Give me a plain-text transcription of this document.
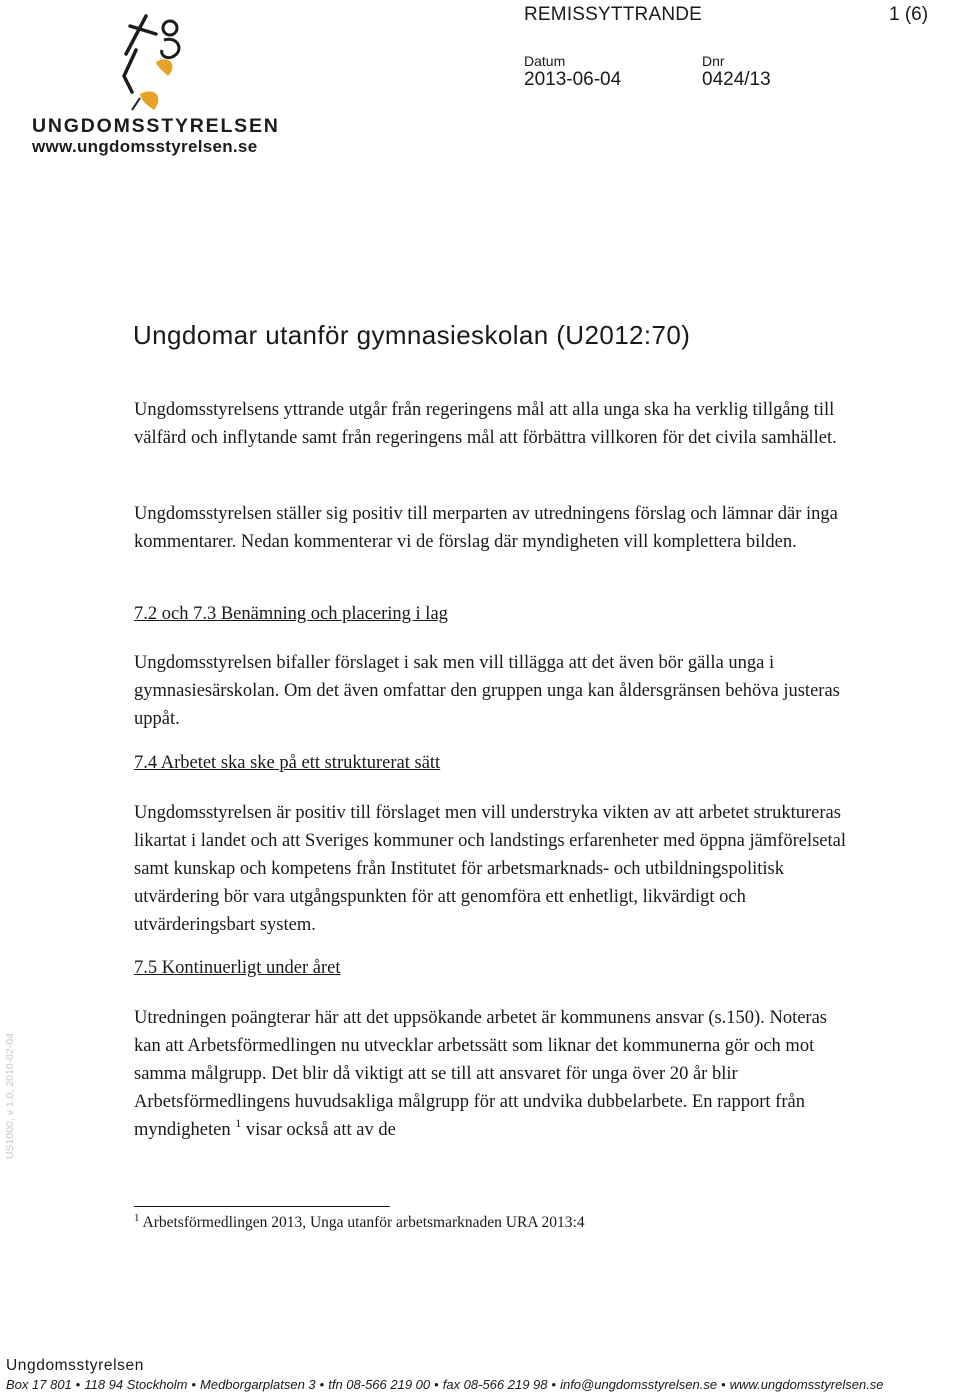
UNGDOMSSTYRELSEN
www.ungdomsstyrelsen.se
REMISSYTTRANDE	1 (6)
Datum
2013-06-04
Dnr
0424/13
Ungdomar utanför gymnasieskolan (U2012:70)

Ungdomsstyrelsens yttrande utgår från regeringens mål att alla unga ska ha verklig tillgång till välfärd och inflytande samt från regeringens mål att förbättra villkoren för det civila samhället.

Ungdomsstyrelsen ställer sig positiv till merparten av utredningens förslag och lämnar där inga kommentarer. Nedan kommenterar vi de förslag där myndigheten vill komplettera bilden.

7.2 och 7.3 Benämning och placering i lag

Ungdomsstyrelsen bifaller förslaget i sak men vill tillägga att det även bör gälla unga i gymnasiesärskolan. Om det även omfattar den gruppen unga kan åldersgränsen behöva justeras uppåt.

7.4 Arbetet ska ske på ett strukturerat sätt

Ungdomsstyrelsen är positiv till förslaget men vill understryka vikten av att arbetet struktureras likartat i landet och att Sveriges kommuner och landstings erfarenheter med öppna jämförelsetal samt kunskap och kompetens från Institutet för arbetsmarknads- och utbildningspolitisk utvärdering bör vara utgångspunkten för att genomföra ett enhetligt, likvärdigt och utvärderingsbart system.

7.5 Kontinuerligt under året

Utredningen poängterar här att det uppsökande arbetet är kommunens ansvar (s.150). Noteras kan att Arbetsförmedlingen nu utvecklar arbetssätt som liknar det kommunerna gör och mot samma målgrupp. Det blir då viktigt att se till att ansvaret för unga över 20 år blir Arbetsförmedlingens huvudsakliga målgrupp för att undvika dubbelarbete. En rapport från myndigheten $^1$ visar också att av de

$^1$ Arbetsförmedlingen 2013, Unga utanför arbetsmarknaden URA 2013:4
US1000, v 1.0, 2010-02-04
Ungdomsstyrelsen
Box 17 801 • 118 94 Stockholm • Medborgarplatsen 3 • tfn 08-566 219 00 • fax 08-566 219 98 • info@ungdomsstyrelsen.se • www.ungdomsstyrelsen.se
